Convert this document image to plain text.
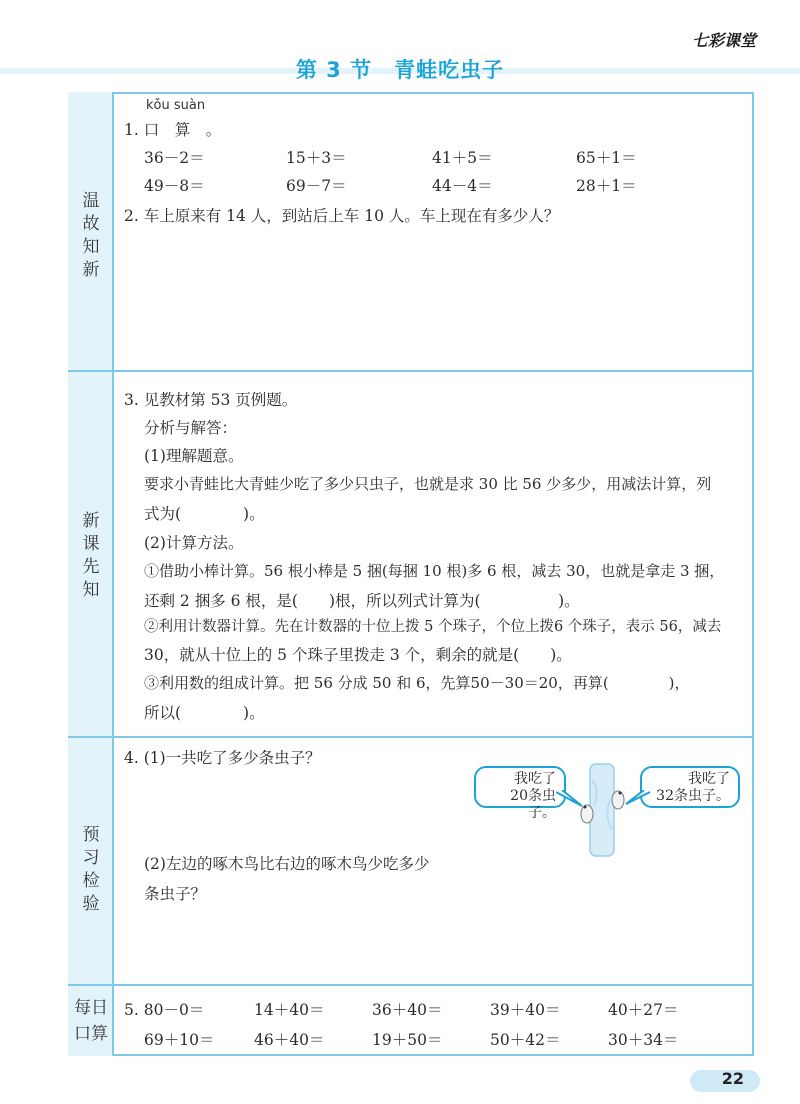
七彩课堂
第 3 节　青蛙吃虫子
温故知新
新课先知
预习检验
每日口算
kǒu suàn
1. 口　算　。
36－2＝	15＋3＝	41＋5＝	65＋1＝
49－8＝	69－7＝	44－4＝	28＋1＝
2. 车上原来有 14 人，到站后上车 10 人。车上现在有多少人？
3. 见教材第 53 页例题。
分析与解答：
(1)理解题意。
要求小青蛙比大青蛙少吃了多少只虫子，也就是求 30 比 56 少多少，用减法计算，列
式为(　　　　)。
(2)计算方法。
①借助小棒计算。56 根小棒是 5 捆(每捆 10 根)多 6 根，减去 30，也就是拿走 3 捆，
还剩 2 捆多 6 根，是(　　)根，所以列式计算为(　　　　　)。
②利用计数器计算。先在计数器的十位上拨 5 个珠子，个位上拨6 个珠子，表示 56，减去
30，就从十位上的 5 个珠子里拨走 3 个，剩余的就是(　　)。
③利用数的组成计算。把 56 分成 50 和 6，先算50－30＝20，再算(　　　　)，
所以(　　　　)。
4. (1)一共吃了多少条虫子？
(2)左边的啄木鸟比右边的啄木鸟少吃多少
条虫子？
我吃了
20条虫子。
我吃了
32条虫子。
5. 80－0＝	14＋40＝	36＋40＝	39＋40＝	40＋27＝
69＋10＝	46＋40＝	19＋50＝	50＋42＝	30＋34＝
22
